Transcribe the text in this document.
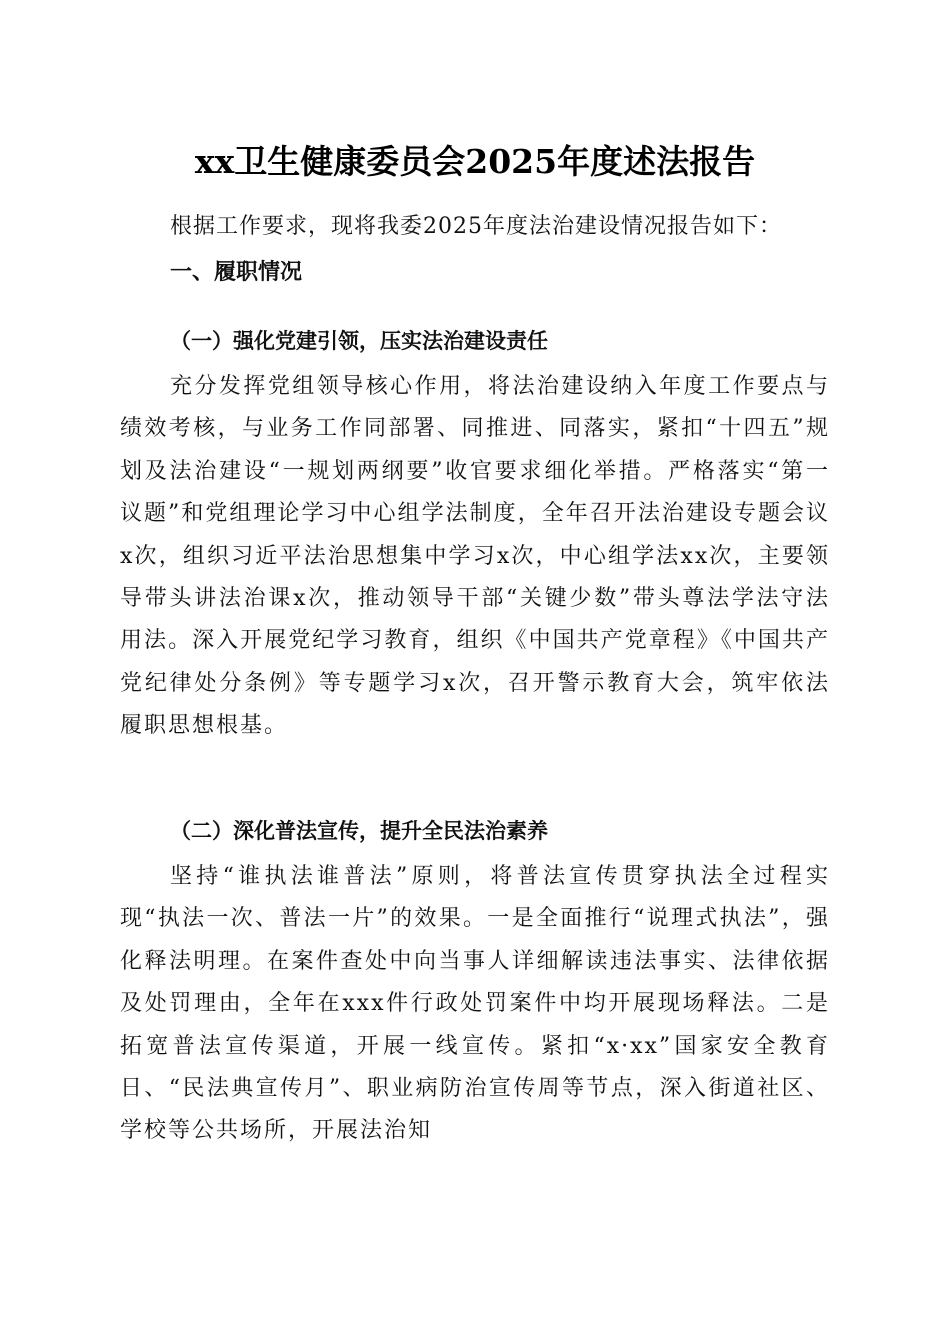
xx卫生健康委员会2025年度述法报告
根据工作要求，现将我委2025年度法治建设情况报告如下：
一、履职情况
（一）强化党建引领，压实法治建设责任
充分发挥党组领导核心作用，将法治建设纳入年度工作要点与绩效考核，与业务工作同部署、同推进、同落实，紧扣“十四五”规划及法治建设“一规划两纲要”收官要求细化举措。严格落实“第一议题”和党组理论学习中心组学法制度，全年召开法治建设专题会议x次，组织习近平法治思想集中学习x次，中心组学法xx次，主要领导带头讲法治课x次，推动领导干部“关键少数”带头尊法学法守法用法。深入开展党纪学习教育，组织《中国共产党章程》《中国共产党纪律处分条例》等专题学习x次，召开警示教育大会，筑牢依法履职思想根基。
（二）深化普法宣传，提升全民法治素养
坚持“谁执法谁普法”原则，将普法宣传贯穿执法全过程实现“执法一次、普法一片”的效果。一是全面推行“说理式执法”，强化释法明理。在案件查处中向当事人详细解读违法事实、法律依据及处罚理由，全年在xxx件行政处罚案件中均开展现场释法。二是拓宽普法宣传渠道，开展一线宣传。紧扣“x·xx”国家安全教育日、“民法典宣传月”、职业病防治宣传周等节点，深入街道社区、学校等公共场所，开展法治知
